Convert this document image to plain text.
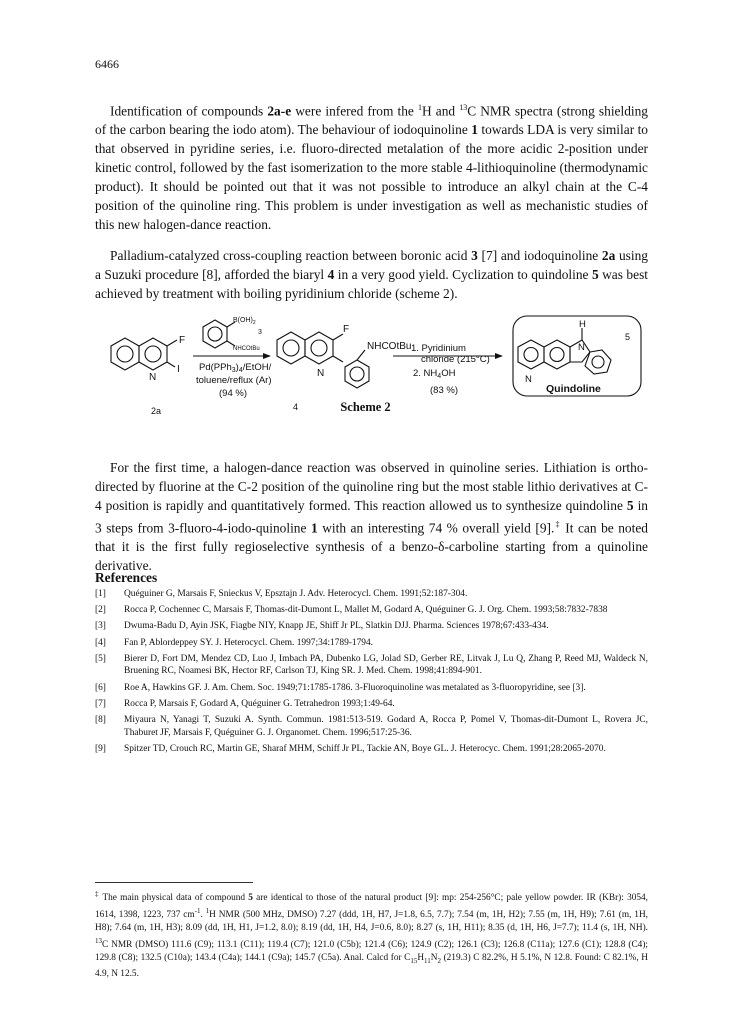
6466

Identification of compounds 2a-e were infered from the $^1$H and $^{13}$C NMR spectra (strong shielding of the carbon bearing the iodo atom). The behaviour of iodoquinoline 1 towards LDA is very similar to that observed in pyridine series, i.e. fluoro-directed metalation of the more acidic 2-position under kinetic control, followed by the fast isomerization to the more stable 4-lithioquinoline (thermodynamic product). It should be pointed out that it was not possible to introduce an alkyl chain at the C-4 position of the quinoline ring. This problem is under investigation as well as mechanistic studies of this new halogen-dance reaction.

Palladium-catalyzed cross-coupling reaction between boronic acid 3 [7] and iodoquinoline 2a using a Suzuki procedure [8], afforded the biaryl 4 in a very good yield. Cyclization to quindoline 5 was best achieved by treatment with boiling pyridinium chloride (scheme 2).

F
N
I
2a
$B(OH)_2$
3
NHCOtBu
$Pd(PPh_3)_4/EtOH/$
toluene/reflux (Ar)
(94 %)
F
N
NHCOtBu
4
1. Pyridinium
chloride (215°C)
2. $NH_4OH$
(83 %)
H
N
5
N
Quindoline
Scheme 2

For the first time, a halogen-dance reaction was observed in quinoline series. Lithiation is ortho-directed by fluorine at the C-2 position of the quinoline ring but the most stable lithio derivatives at C-4 position is rapidly and quantitatively formed. This reaction allowed us to synthesize quindoline 5 in 3 steps from 3-fluoro-4-iodo-quinoline 1 with an interesting 74 % overall yield [9].‡ It can be noted that it is the first fully regioselective synthesis of a benzo-δ-carboline starting from a quinoline derivative.

References
[1]	Quéguiner G, Marsais F, Snieckus V, Epsztajn J. Adv. Heterocycl. Chem. 1991;52:187-304.
[2]	Rocca P, Cochennec C, Marsais F, Thomas-dit-Dumont L, Mallet M, Godard A, Quéguiner G. J. Org. Chem. 1993;58:7832-7838
[3]	Dwuma-Badu D, Ayin JSK, Fiagbe NIY, Knapp JE, Shiff Jr PL, Slatkin DJJ. Pharma. Sciences 1978;67:433-434.
[4]	Fan P, Ablordeppey SY. J. Heterocycl. Chem. 1997;34:1789-1794.
[5]	Bierer D, Fort DM, Mendez CD, Luo J, Imbach PA, Dubenko LG, Jolad SD, Gerber RE, Litvak J, Lu Q, Zhang P, Reed MJ, Waldeck N, Bruening RC, Noamesi BK, Hector RF, Carlson TJ, King SR. J. Med. Chem. 1998;41:894-901.
[6]	Roe A, Hawkins GF. J. Am. Chem. Soc. 1949;71:1785-1786. 3-Fluoroquinoline was metalated as 3-fluoropyridine, see [3].
[7]	Rocca P, Marsais F, Godard A, Quéguiner G. Tetrahedron 1993;1:49-64.
[8]	Miyaura N, Yanagi T, Suzuki A. Synth. Commun. 1981:513-519. Godard A, Rocca P, Pomel V, Thomas-dit-Dumont L, Rovera JC, Thaburet JF, Marsais F, Quéguiner G. J. Organomet. Chem. 1996;517:25-36.
[9]	Spitzer TD, Crouch RC, Martin GE, Sharaf MHM, Schiff Jr PL, Tackie AN, Boye GL. J. Heterocyc. Chem. 1991;28:2065-2070.
‡ The main physical data of compound 5 are identical to those of the natural product [9]: mp: 254-256°C; pale yellow powder. IR (KBr): 3054, 1614, 1398, 1223, 737 $cm^{-1}$. $^1$H NMR (500 MHz, DMSO) 7.27 (ddd, 1H, H7, J=1.8, 6.5, 7.7); 7.54 (m, 1H, H2); 7.55 (m, 1H, H9); 7.61 (m, 1H, H8); 7.64 (m, 1H, H3); 8.09 (dd, 1H, H1, J=1.2, 8.0); 8.19 (dd, 1H, H4, J=0.6, 8.0); 8.27 (s, 1H, H11); 8.35 (d, 1H, H6, J=7.7); 11.4 (s, 1H, NH). $^{13}$C NMR (DMSO) 111.6 (C9); 113.1 (C11); 119.4 (C7); 121.0 (C5b); 121.4 (C6); 124.9 (C2); 126.1 (C3); 126.8 (C11a); 127.6 (C1); 128.8 (C4); 129.8 (C8); 132.5 (C10a); 143.4 (C4a); 144.1 (C9a); 145.7 (C5a). Anal. Calcd for $C_{15}H_{11}N_2$ (219.3) C 82.2%, H 5.1%, N 12.8. Found: C 82.1%, H 4.9, N 12.5.
